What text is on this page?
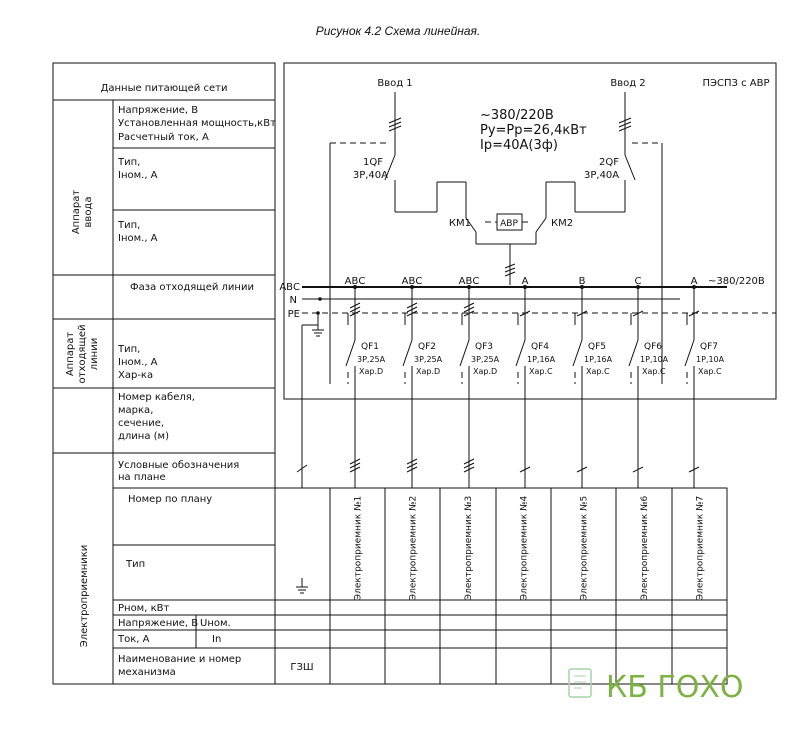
Рисунок 4.2 Схема линейная.
Данные питающей сети
Напряжение, В
Установленная мощность,кВт
Расчетный ток, А
Аппарат ввода
Тип,
Iном., А
Тип,
Iном., А
Фаза отходящей линии
Аппарат отходящей линии Тип,
Iном., А
Хар-ка
Номер кабеля,
марка,
сечение,
длина (м)
Электроприемники
Условные обозначения
на плане
Номер по плану
Тип
Рном, кВт
Напряжение, В Uном.
Ток, А	In
Наименование и номер
механизма	ГЗШ
Электроприемник №1	Электроприемник №2	Электроприемник №3	Электроприемник №4	Электроприемник №5	Электроприемник №6	Электроприемник №7
ПЭСПЗ с АВР
Ввод 1	Ввод 2
~380/220В
Ру=Рр=26,4кВт
Iр=40А(3ф)
1QF
3Р,40А
2QF
3Р,40А
АВР
КМ1	КМ2
АВС
N
PE
~380/220В
АВС
QF1
3Р,25А
Хар.D
АВС
QF2
3Р,25А
Хар.D
АВС
QF3
3Р,25А
Хар.D
А
QF4
1Р,16А
Хар.С
В
QF5
1Р,16А
Хар.С
С
QF6
1Р,10А
Хар.С
А
QF7
1Р,10А
Хар.С
КБ ГОХО
